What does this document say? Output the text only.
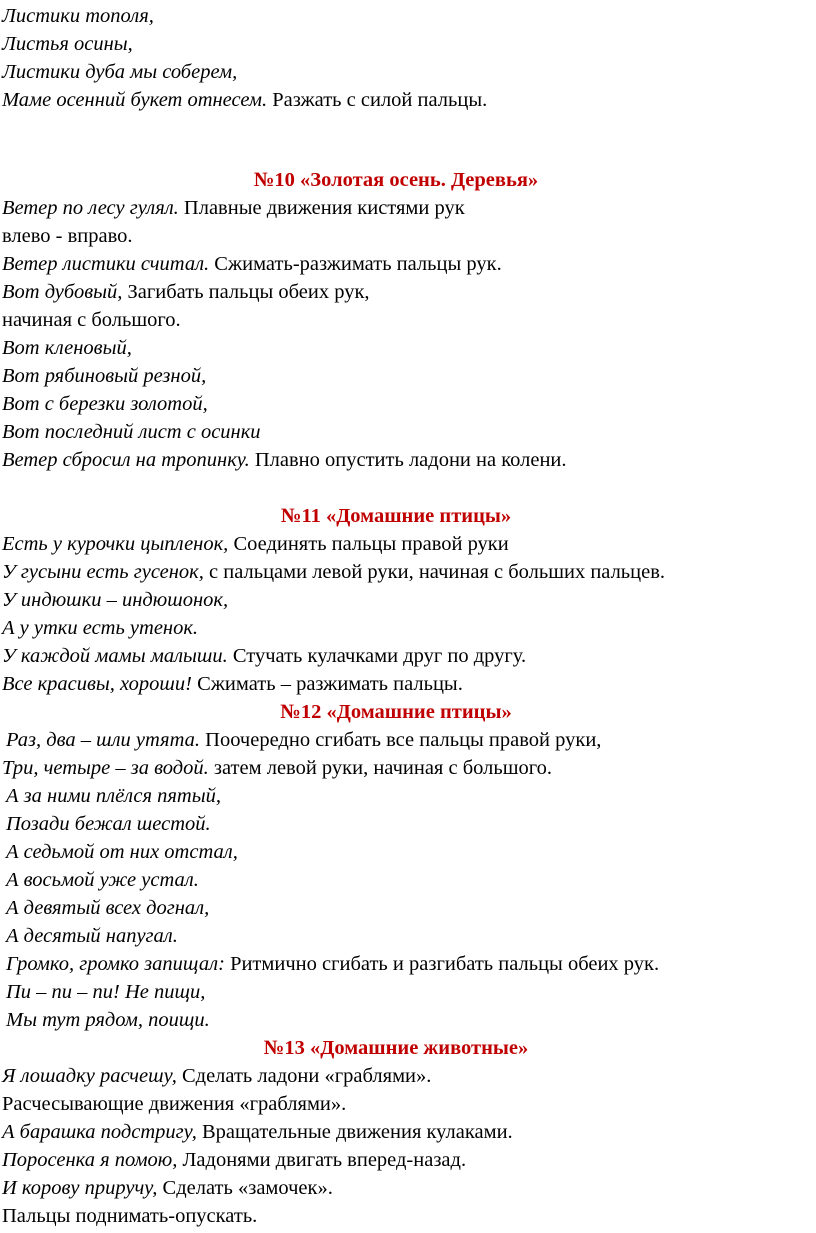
Листики тополя,

Листья осины,

Листики дуба мы соберем,

Маме осенний букет отнесем. Разжать с силой пальцы.

№10 «Золотая осень. Деревья»

Ветер по лесу гулял. Плавные движения кистями рук

влево - вправо.

Ветер листики считал. Сжимать-разжимать пальцы рук.

Вот дубовый, Загибать пальцы обеих рук,

начиная с большого.

Вот кленовый,

Вот рябиновый резной,

Вот с березки золотой,

Вот последний лист с осинки

Ветер сбросил на тропинку. Плавно опустить ладони на колени.

№11 «Домашние птицы»

Есть у курочки цыпленок, Соединять пальцы правой руки

У гусыни есть гусенок, с пальцами левой руки, начиная с больших пальцев.

У индюшки – индюшонок,

А у утки есть утенок.

У каждой мамы малыши. Стучать кулачками друг по другу.

Все красивы, хороши! Сжимать – разжимать пальцы.

№12 «Домашние птицы»

Раз, два – шли утята. Поочередно сгибать все пальцы правой руки,

Три, четыре – за водой. затем левой руки, начиная с большого.

А за ними плёлся пятый,

Позади бежал шестой.

А седьмой от них отстал,

А восьмой уже устал.

А девятый всех догнал,

А десятый напугал.

Громко, громко запищал: Ритмично сгибать и разгибать пальцы обеих рук.

Пи – пи – пи! Не пищи,

Мы тут рядом, поищи.

№13 «Домашние животные»

Я лошадку расчешу, Сделать ладони «граблями».

Расчесывающие движения «граблями».

А барашка подстригу, Вращательные движения кулаками.

Поросенка я помою, Ладонями двигать вперед-назад.

И корову приручу, Сделать «замочек».

Пальцы поднимать-опускать.
